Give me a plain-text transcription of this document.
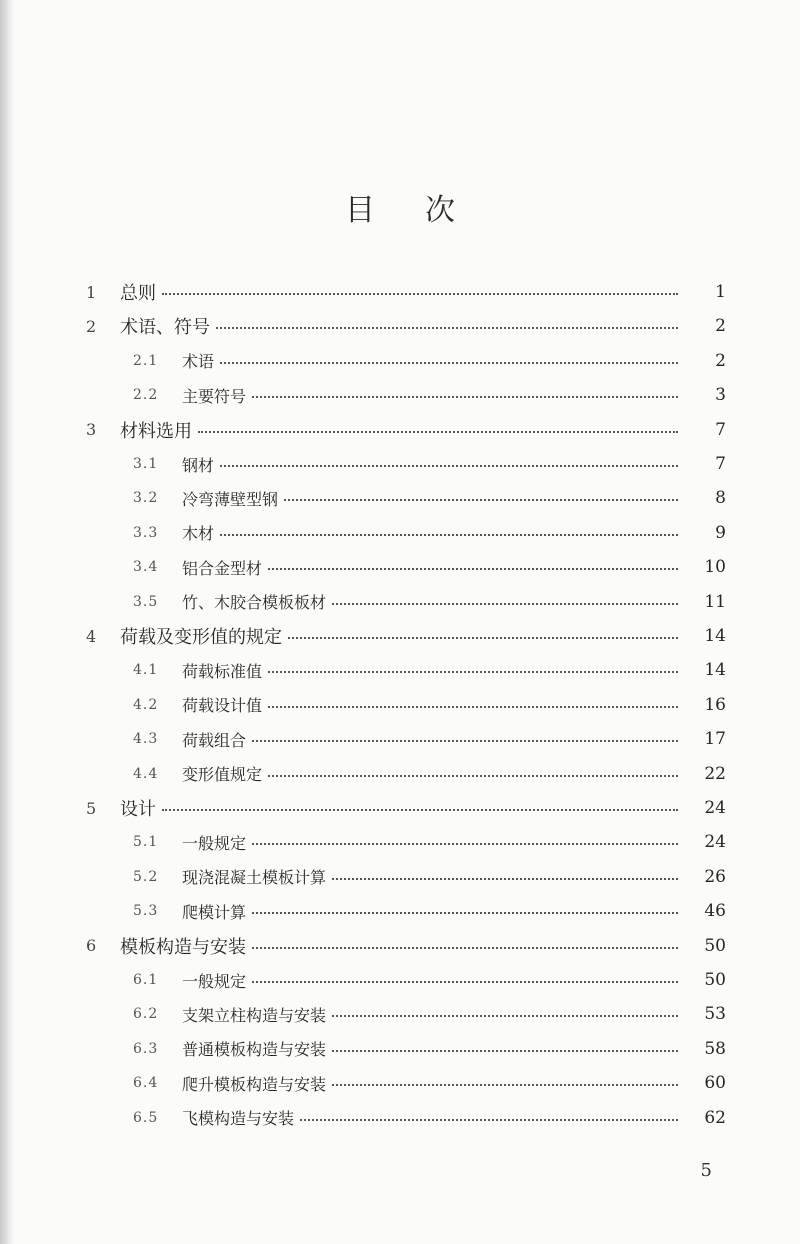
目 次
1 总则	1
2 术语、符号	2
2.1 术语	2
2.2 主要符号	3
3 材料选用	7
3.1 钢材	7
3.2 冷弯薄壁型钢	8
3.3 木材	9
3.4 铝合金型材	10
3.5 竹、木胶合模板板材	11
4 荷载及变形值的规定	14
4.1 荷载标准值	14
4.2 荷载设计值	16
4.3 荷载组合	17
4.4 变形值规定	22
5 设计	24
5.1 一般规定	24
5.2 现浇混凝土模板计算	26
5.3 爬模计算	46
6 模板构造与安装	50
6.1 一般规定	50
6.2 支架立柱构造与安装	53
6.3 普通模板构造与安装	58
6.4 爬升模板构造与安装	60
6.5 飞模构造与安装	62
5
